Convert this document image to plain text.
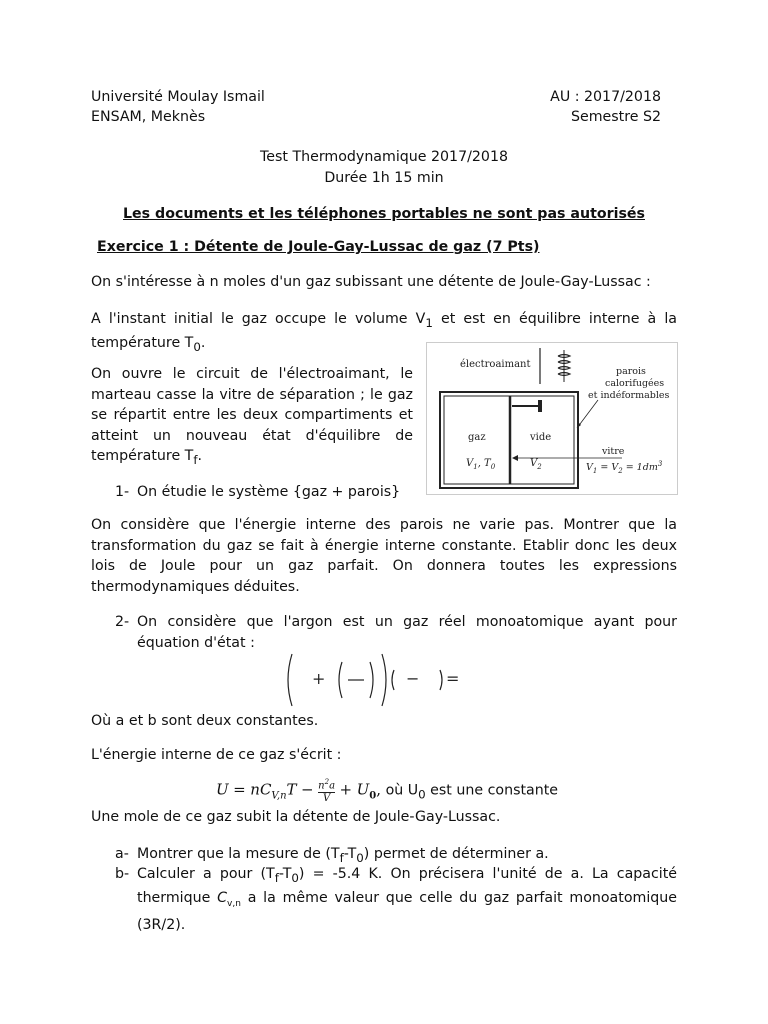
Université Moulay Ismail
ENSAM, Meknès
AU : 2017/2018
Semestre S2
Test Thermodynamique 2017/2018
Durée 1h 15 min
Les documents et les téléphones portables ne sont pas autorisés
Exercice 1 : Détente de Joule-Gay-Lussac de gaz (7 Pts)
On s'intéresse à n moles d'un gaz subissant une détente de Joule-Gay-Lussac :
A l'instant initial le gaz occupe le volume $V_1$ et est en équilibre interne à la température $T_0$.
On ouvre le circuit de l'électroaimant, le marteau casse la vitre de séparation ; le gaz se répartit entre les deux compartiments et atteint un nouveau état d'équilibre de température $T_f$.
électroaimant
gaz	vide
$V_1$, $T_0$	$V_2$
parois
calorifugées
et indéformables
vitre
$V_1 = V_2 = 1dm^3$
1- On étudie le système {gaz + parois}
On considère que l'énergie interne des parois ne varie pas. Montrer que la transformation du gaz se fait à énergie interne constante. Etablir donc les deux lois de Joule pour un gaz parfait. On donnera toutes les expressions thermodynamiques déduites.
2- On considère que l'argon est un gaz réel monoatomique ayant pour équation d'état :
+	− =
Où a et b sont deux constantes.
L'énergie interne de ce gaz s'écrit :
$U = nC_{V,n}T - \frac{n^2a}{V} + U_0$, où $U_0$ est une constante
Une mole de ce gaz subit la détente de Joule-Gay-Lussac.
a- Montrer que la mesure de $(T_f-T_0)$ permet de déterminer a.
b- Calculer a pour $(T_f-T_0) = -5.4$ K. On précisera l'unité de a. La capacité thermique $C_{v,n}$ a la même valeur que celle du gaz parfait monoatomique (3R/2).
